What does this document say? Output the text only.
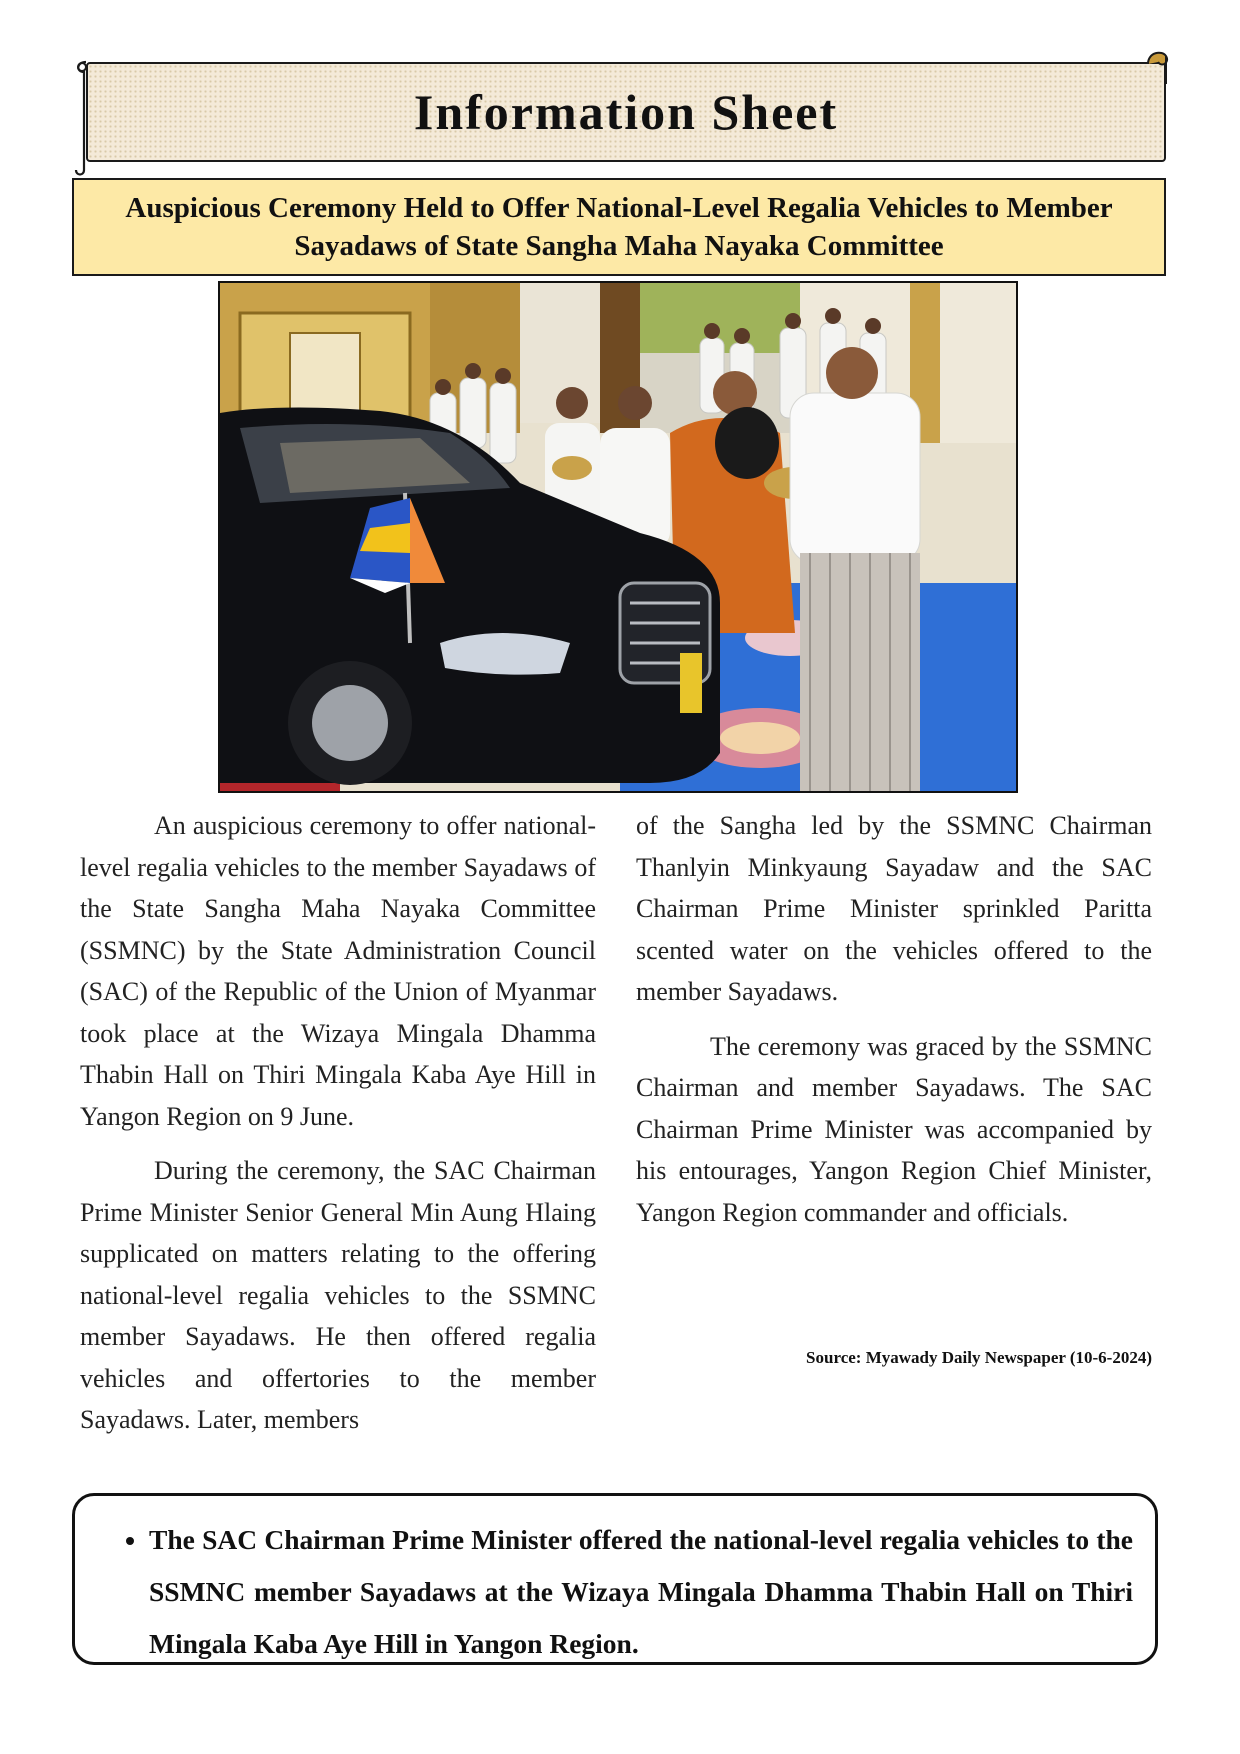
Information Sheet
Auspicious Ceremony Held to Offer National-Level Regalia Vehicles to Member
Sayadaws of State Sangha Maha Nayaka Committee

An auspicious ceremony to offer national-level regalia vehicles to the member Sayadaws of the State Sangha Maha Nayaka Committee (SSMNC) by the State Administration Council (SAC) of the Republic of the Union of Myanmar took place at the Wizaya Mingala Dhamma Thabin Hall on Thiri Mingala Kaba Aye Hill in Yangon Region on 9 June.

During the ceremony, the SAC Chairman Prime Minister Senior General Min Aung Hlaing supplicated on matters relating to the offering national-level regalia vehicles to the SSMNC member Sayadaws. He then offered regalia vehicles and offertories to the member Sayadaws. Later, members

of the Sangha led by the SSMNC Chairman Thanlyin Minkyaung Sayadaw and the SAC Chairman Prime Minister sprinkled Paritta scented water on the vehicles offered to the member Sayadaws.

The ceremony was graced by the SSMNC Chairman and member Sayadaws. The SAC Chairman Prime Minister was accompanied by his entourages, Yangon Region Chief Minister, Yangon Region commander and officials.

Source: Myawady Daily Newspaper (10-6-2024)
• The SAC Chairman Prime Minister offered the national-level regalia vehicles to the SSMNC member Sayadaws at the Wizaya Mingala Dhamma Thabin Hall on Thiri Mingala Kaba Aye Hill in Yangon Region.
